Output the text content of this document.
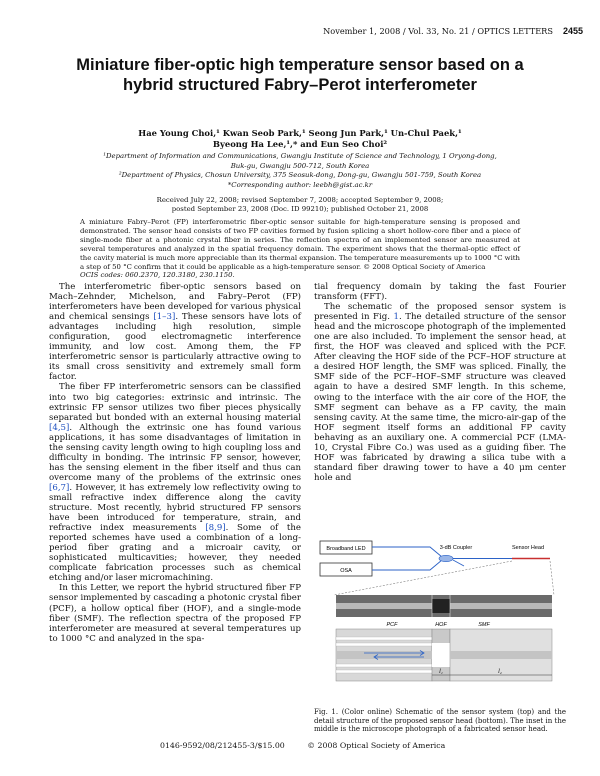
November 1, 2008 / Vol. 33, No. 21 / OPTICS LETTERS 2455
Miniature fiber-optic high temperature sensor based on a hybrid structured Fabry–Perot interferometer
Hae Young Choi,¹ Kwan Seob Park,¹ Seong Jun Park,¹ Un-Chul Paek,¹
Byeong Ha Lee,¹,* and Eun Seo Choi²
¹Department of Information and Communications, Gwangju Institute of Science and Technology, 1 Oryong-dong,
Buk-gu, Gwangju 500-712, South Korea
²Department of Physics, Chosun University, 375 Seosuk-dong, Dong-gu, Gwangju 501-759, South Korea
*Corresponding author: leebh@gist.ac.kr
Received July 22, 2008; revised September 7, 2008; accepted September 9, 2008;
posted September 23, 2008 (Doc. ID 99210); published October 21, 2008
A miniature Fabry–Perot (FP) interferometric fiber-optic sensor suitable for high-temperature sensing is proposed and demonstrated. The sensor head consists of two FP cavities formed by fusion splicing a short hollow-core fiber and a piece of single-mode fiber at a photonic crystal fiber in series. The reflection spectra of an implemented sensor are measured at several temperatures and analyzed in the spatial frequency domain. The experiment shows that the thermal-optic effect of the cavity material is much more appreciable than its thermal expansion. The temperature measurements up to 1000 °C with a step of 50 °C confirm that it could be applicable as a high-temperature sensor. © 2008 Optical Society of America
OCIS codes: 060.2370, 120.3180, 230.1150.

The interferometric fiber-optic sensors based on Mach–Zehnder, Michelson, and Fabry–Perot (FP) interferometers have been developed for various physical and chemical sensings [1–3]. These sensors have lots of advantages including high resolution, simple configuration, good electromagnetic interference immunity, and low cost. Among them, the FP interferometric sensor is particularly attractive owing to its small cross sensitivity and extremely small form factor.

The fiber FP interferometric sensors can be classified into two big categories: extrinsic and intrinsic. The extrinsic FP sensor utilizes two fiber pieces physically separated but bonded with an external housing material [4,5]. Although the extrinsic one has found various applications, it has some disadvantages of limitation in the sensing cavity length owing to high coupling loss and difficulty in bonding. The intrinsic FP sensor, however, has the sensing element in the fiber itself and thus can overcome many of the problems of the extrinsic ones [6,7]. However, it has extremely low reflectivity owing to small refractive index difference along the cavity structure. Most recently, hybrid structured FP sensors have been introduced for temperature, strain, and refractive index measurements [8,9]. Some of the reported schemes have used a combination of a long-period fiber grating and a microair cavity, or sophisticated multicavities; however, they needed complicate fabrication processes such as chemical etching and/or laser micromachining.

In this Letter, we report the hybrid structured fiber FP sensor implemented by cascading a photonic crystal fiber (PCF), a hollow optical fiber (HOF), and a single-mode fiber (SMF). The reflection spectra of the proposed FP interferometer are measured at several temperatures up to 1000 °C and analyzed in the spa-

tial frequency domain by taking the fast Fourier transform (FFT).

The schematic of the proposed sensor system is presented in Fig. 1. The detailed structure of the sensor head and the microscope photograph of the implemented one are also included. To implement the sensor head, at first, the HOF was cleaved and spliced with the PCF. After cleaving the HOF side of the PCF–HOF structure at a desired HOF length, the SMF was spliced. Finally, the SMF side of the PCF–HOF–SMF structure was cleaved again to have a desired SMF length. In this scheme, owing to the interface with the air core of the HOF, the SMF segment can behave as a FP cavity, the main sensing cavity. At the same time, the micro-air-gap of the HOF segment itself forms an additional FP cavity behaving as an auxiliary one. A commercial PCF (LMA-10, Crystal Fibre Co.) was used as a guiding fiber. The HOF was fabricated by drawing a silica tube with a standard fiber drawing tower to have a 40 μm center hole and

Broadband LED
OSA
3-dB Coupler	Sensor Head
PCF	HOF	SMF
l₁	l₂
Fig. 1. (Color online) Schematic of the sensor system (top) and the detail structure of the proposed sensor head (bottom). The inset in the middle is the microscope photograph of a fabricated sensor head.
0146-9592/08/212455-3/$15.00	© 2008 Optical Society of America
